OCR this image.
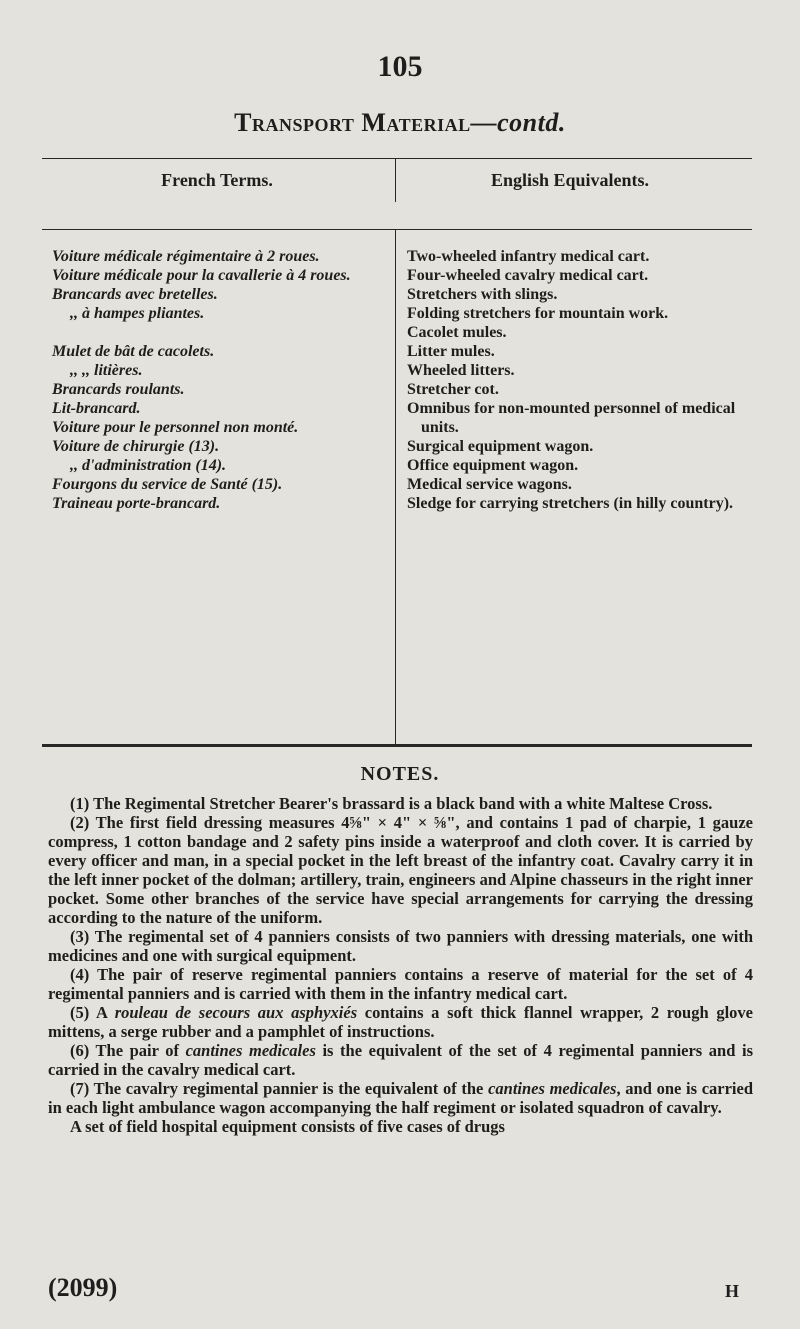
105
Transport Material—contd.
French Terms.	English Equivalents.

Voiture médicale régimentaire à 2 roues.

Voiture médicale pour la cavallerie à 4 roues.

Brancards avec bretelles.

,, à hampes pliantes.

Mulet de bât de cacolets.

,, ,, litières.

Brancards roulants.

Lit-brancard.

Voiture pour le personnel non monté.

Voiture de chirurgie (13).

,, d'administration (14).

Fourgons du service de Santé (15).

Traineau porte-brancard.

Two-wheeled infantry medical cart.

Four-wheeled cavalry medical cart.

Stretchers with slings.

Folding stretchers for mountain work.

Cacolet mules.

Litter mules.

Wheeled litters.

Stretcher cot.

Omnibus for non-mounted personnel of medical units.

Surgical equipment wagon.

Office equipment wagon.

Medical service wagons.

Sledge for carrying stretchers (in hilly country).

NOTES.

(1) The Regimental Stretcher Bearer's brassard is a black band with a white Maltese Cross.

(2) The first field dressing measures 4⅝" × 4" × ⅝", and contains 1 pad of charpie, 1 gauze compress, 1 cotton bandage and 2 safety pins inside a waterproof and cloth cover. It is carried by every officer and man, in a special pocket in the left breast of the infantry coat. Cavalry carry it in the left inner pocket of the dolman; artillery, train, engineers and Alpine chasseurs in the right inner pocket. Some other branches of the service have special arrangements for carrying the dressing according to the nature of the uniform.

(3) The regimental set of 4 panniers consists of two panniers with dressing materials, one with medicines and one with surgical equipment.

(4) The pair of reserve regimental panniers contains a reserve of material for the set of 4 regimental panniers and is carried with them in the infantry medical cart.

(5) A rouleau de secours aux asphyxiés contains a soft thick flannel wrapper, 2 rough glove mittens, a serge rubber and a pamphlet of instructions.

(6) The pair of cantines medicales is the equivalent of the set of 4 regimental panniers and is carried in the cavalry medical cart.

(7) The cavalry regimental pannier is the equivalent of the cantines medicales, and one is carried in each light ambulance wagon accompanying the half regiment or isolated squadron of cavalry.

A set of field hospital equipment consists of five cases of drugs

(2099)	H
